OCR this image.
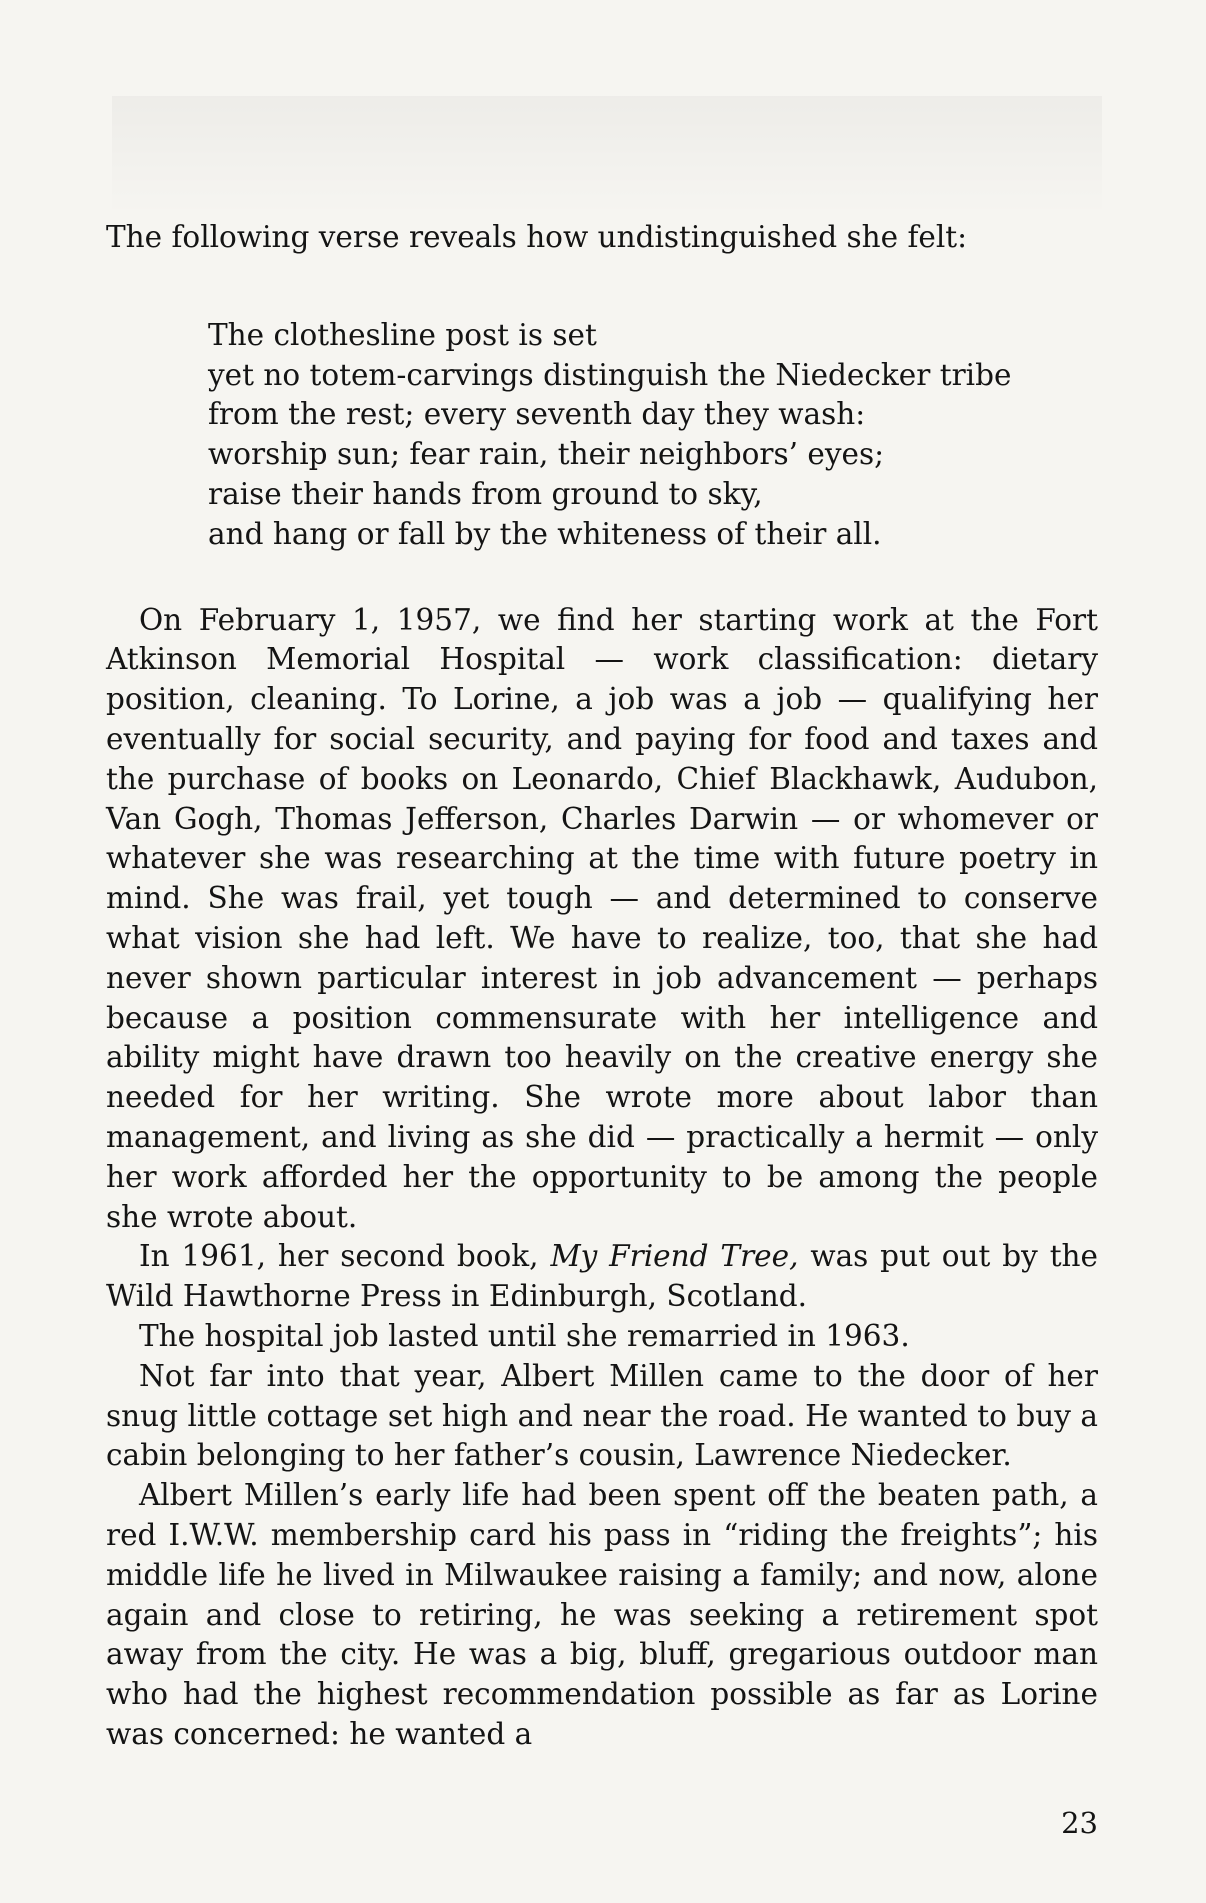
The following verse reveals how undistinguished she felt:

The clothesline post is set
yet no totem-carvings distinguish the Niedecker tribe
from the rest; every seventh day they wash:
worship sun; fear rain, their neighbors’ eyes;
raise their hands from ground to sky,
and hang or fall by the whiteness of their all.

On February 1, 1957, we find her starting work at the Fort Atkinson Memorial Hospital — work classification: dietary position, cleaning. To Lorine, a job was a job — qualifying her eventually for social security, and paying for food and taxes and the purchase of books on Leonardo, Chief Blackhawk, Audubon, Van Gogh, Thomas Jefferson, Charles Darwin — or whomever or whatever she was researching at the time with future poetry in mind. She was frail, yet tough — and determined to conserve what vision she had left. We have to realize, too, that she had never shown particular interest in job advancement — perhaps because a position commensurate with her intelligence and ability might have drawn too heavily on the creative energy she needed for her writing. She wrote more about labor than management, and living as she did — practically a hermit — only her work afforded her the opportunity to be among the people she wrote about.

In 1961, her second book, My Friend Tree, was put out by the Wild Hawthorne Press in Edinburgh, Scotland.

The hospital job lasted until she remarried in 1963.

Not far into that year, Albert Millen came to the door of her snug little cottage set high and near the road. He wanted to buy a cabin belonging to her father’s cousin, Lawrence Niedecker.

Albert Millen’s early life had been spent off the beaten path, a red I.W.W. membership card his pass in “riding the freights”; his middle life he lived in Milwaukee raising a family; and now, alone again and close to retiring, he was seeking a retirement spot away from the city. He was a big, bluff, gregarious outdoor man who had the highest recommendation possible as far as Lorine was concerned: he wanted a

23
